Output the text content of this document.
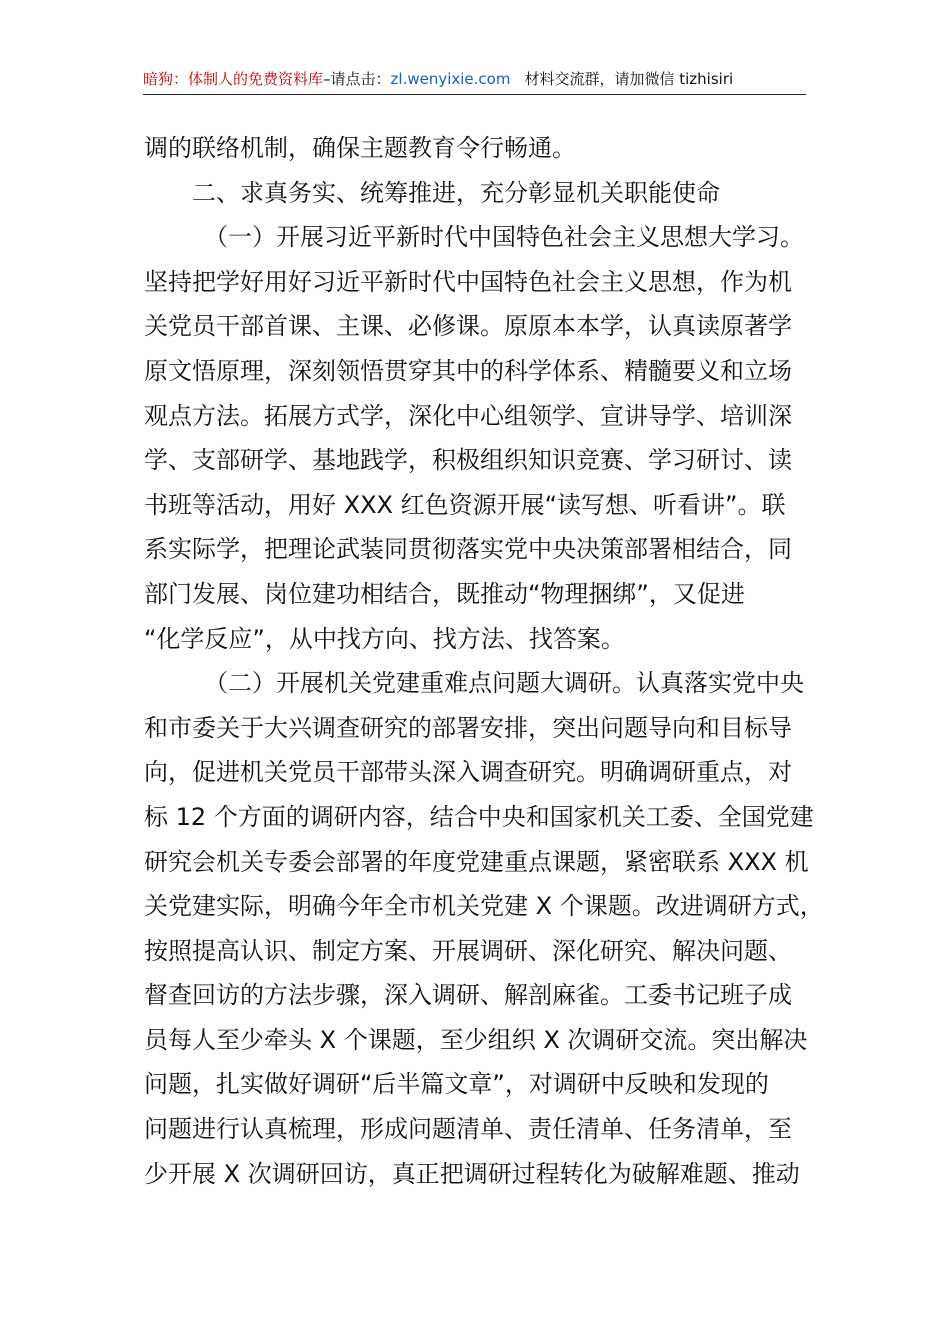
暗狗：体制人的免费资料库–请点击：zl.wenyixie.com 材料交流群，请加微信 tizhisiri
调的联络机制，确保主题教育令行畅通。
二、求真务实、统筹推进，充分彰显机关职能使命
（一）开展习近平新时代中国特色社会主义思想大学习。
坚持把学好用好习近平新时代中国特色社会主义思想，作为机
关党员干部首课、主课、必修课。原原本本学，认真读原著学
原文悟原理，深刻领悟贯穿其中的科学体系、精髓要义和立场
观点方法。拓展方式学，深化中心组领学、宣讲导学、培训深
学、支部研学、基地践学，积极组织知识竞赛、学习研讨、读
书班等活动，用好 XXX 红色资源开展“读写想、听看讲”。联
系实际学，把理论武装同贯彻落实党中央决策部署相结合，同
部门发展、岗位建功相结合，既推动“物理捆绑”，又促进
“化学反应”，从中找方向、找方法、找答案。
（二）开展机关党建重难点问题大调研。认真落实党中央
和市委关于大兴调查研究的部署安排，突出问题导向和目标导
向，促进机关党员干部带头深入调查研究。明确调研重点，对
标 12 个方面的调研内容，结合中央和国家机关工委、全国党建
研究会机关专委会部署的年度党建重点课题，紧密联系 XXX 机
关党建实际，明确今年全市机关党建 X 个课题。改进调研方式，
按照提高认识、制定方案、开展调研、深化研究、解决问题、
督查回访的方法步骤，深入调研、解剖麻雀。工委书记班子成
员每人至少牵头 X 个课题，至少组织 X 次调研交流。突出解决
问题，扎实做好调研“后半篇文章”，对调研中反映和发现的
问题进行认真梳理，形成问题清单、责任清单、任务清单，至
少开展 X 次调研回访，真正把调研过程转化为破解难题、推动
